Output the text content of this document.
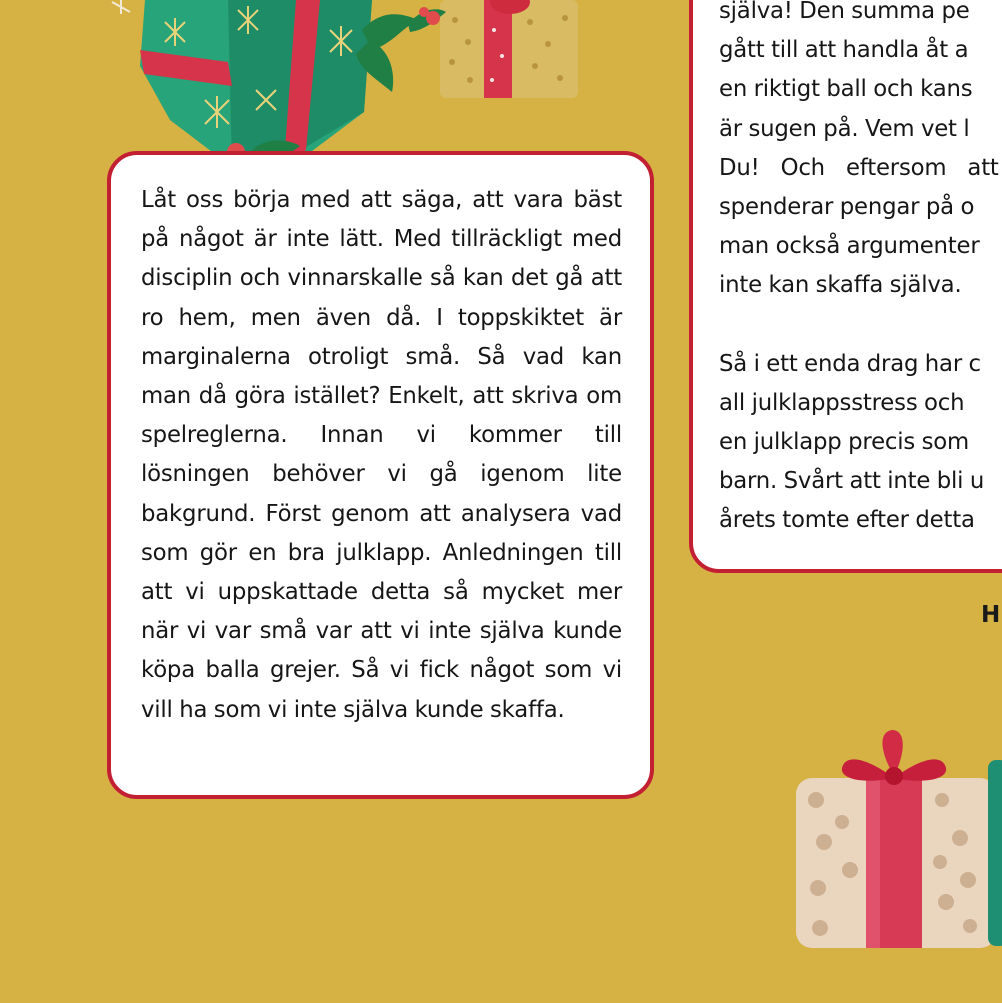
Låt oss börja med att säga, att vara bäst på något är inte lätt. Med tillräckligt med disciplin och vinnarskalle så kan det gå att ro hem, men även då. I toppskiktet är marginalerna otroligt små. Så vad kan man då göra istället? Enkelt, att skriva om spelreglerna. Innan vi kommer till lösningen behöver vi gå igenom lite bakgrund. Först genom att analysera vad som gör en bra julklapp. Anledningen till att vi uppskattade detta så mycket mer när vi var små var att vi inte själva kunde köpa balla grejer. Så vi fick något som vi vill ha som vi inte själva kunde skaffa.

själva! Den summa pe
gått till att handla åt a
en riktigt ball och kans
är sugen på. Vem vet l
Du! Och eftersom att
spenderar pengar på o
man också argumenter
inte kan skaffa själva.

Så i ett enda drag har c
all julklappsstress och
en julklapp precis som
barn. Svårt att inte bli u
årets tomte efter detta

H
